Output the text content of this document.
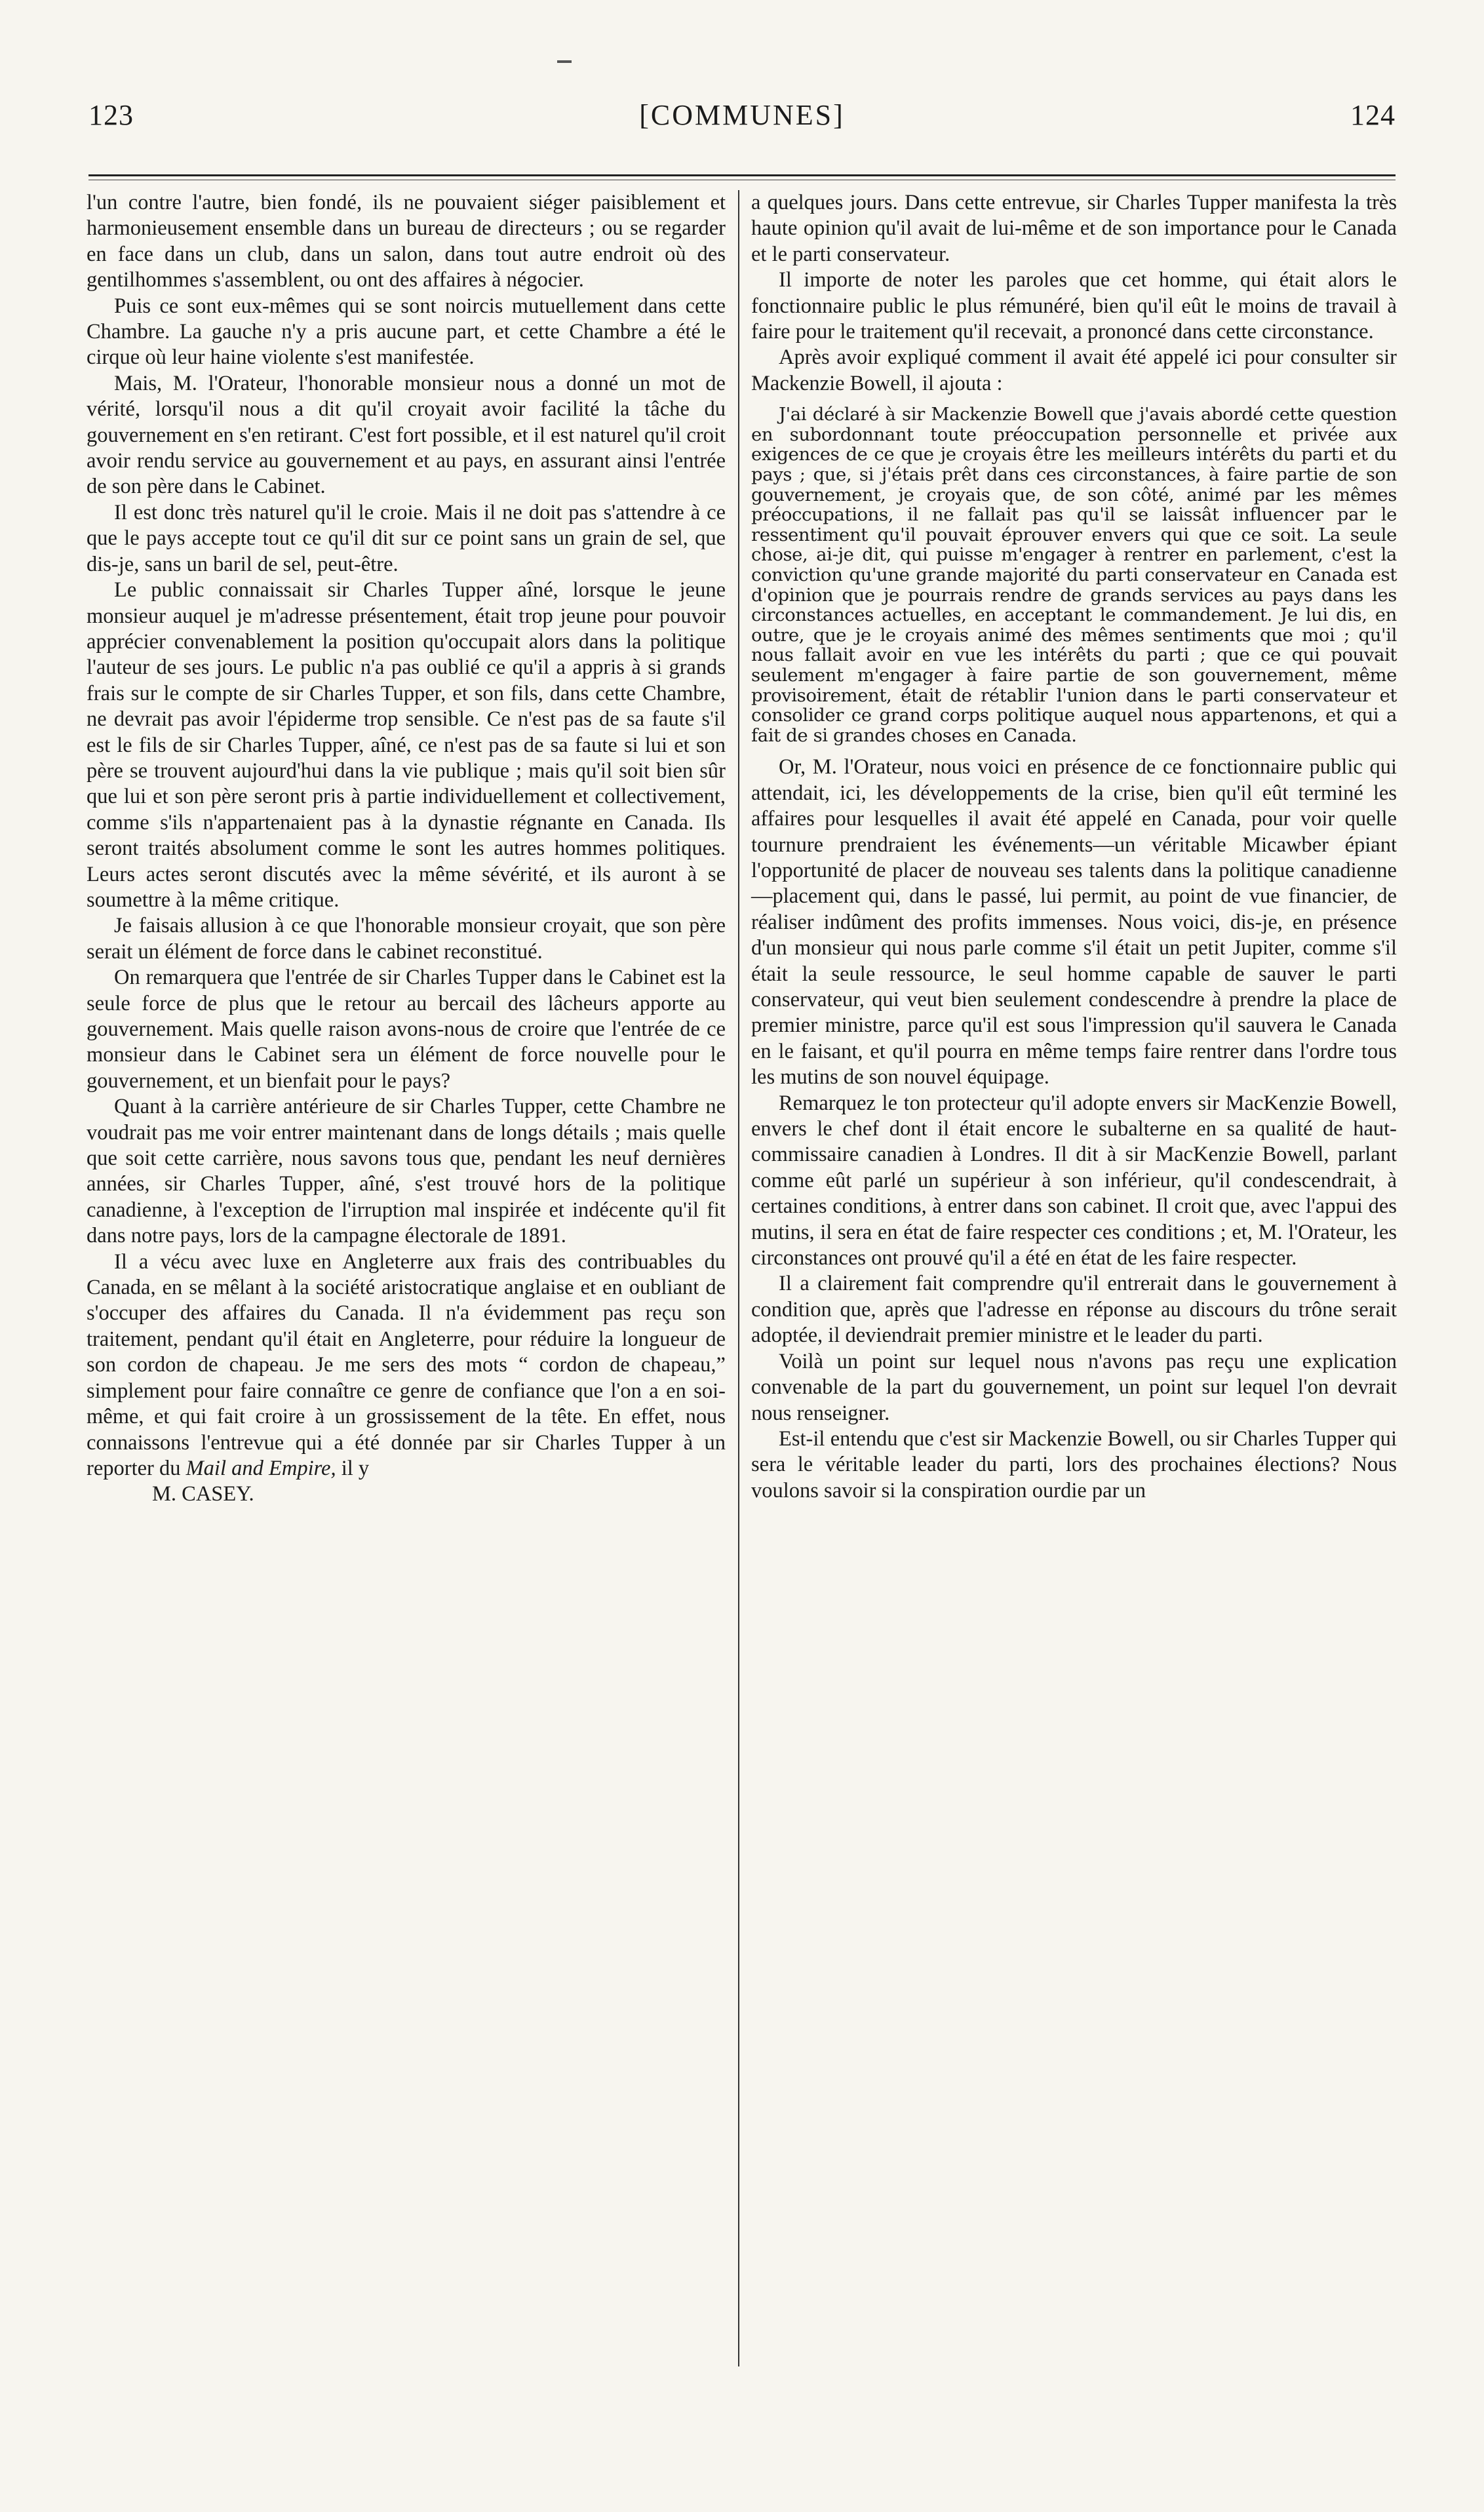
123	[COMMUNES]	124

l'un contre l'autre, bien fondé, ils ne pouvaient siéger paisiblement et harmonieusement ensemble dans un bureau de directeurs ; ou se regarder en face dans un club, dans un salon, dans tout autre endroit où des gentilhommes s'assemblent, ou ont des affaires à négocier.

Puis ce sont eux-mêmes qui se sont noircis mutuellement dans cette Chambre. La gauche n'y a pris aucune part, et cette Chambre a été le cirque où leur haine violente s'est manifestée.

Mais, M. l'Orateur, l'honorable monsieur nous a donné un mot de vérité, lorsqu'il nous a dit qu'il croyait avoir facilité la tâche du gouvernement en s'en retirant. C'est fort possible, et il est naturel qu'il croit avoir rendu service au gouvernement et au pays, en assurant ainsi l'entrée de son père dans le Cabinet.

Il est donc très naturel qu'il le croie. Mais il ne doit pas s'attendre à ce que le pays accepte tout ce qu'il dit sur ce point sans un grain de sel, que dis-je, sans un baril de sel, peut-être.

Le public connaissait sir Charles Tupper aîné, lorsque le jeune monsieur auquel je m'adresse présentement, était trop jeune pour pouvoir apprécier convenablement la position qu'occupait alors dans la politique l'auteur de ses jours. Le public n'a pas oublié ce qu'il a appris à si grands frais sur le compte de sir Charles Tupper, et son fils, dans cette Chambre, ne devrait pas avoir l'épiderme trop sensible. Ce n'est pas de sa faute s'il est le fils de sir Charles Tupper, aîné, ce n'est pas de sa faute si lui et son père se trouvent aujourd'hui dans la vie publique ; mais qu'il soit bien sûr que lui et son père seront pris à partie individuellement et collectivement, comme s'ils n'appartenaient pas à la dynastie régnante en Canada. Ils seront traités absolument comme le sont les autres hommes politiques. Leurs actes seront discutés avec la même sévérité, et ils auront à se soumettre à la même critique.

Je faisais allusion à ce que l'honorable monsieur croyait, que son père serait un élément de force dans le cabinet reconstitué.

On remarquera que l'entrée de sir Charles Tupper dans le Cabinet est la seule force de plus que le retour au bercail des lâcheurs apporte au gouvernement. Mais quelle raison avons-nous de croire que l'entrée de ce monsieur dans le Cabinet sera un élément de force nouvelle pour le gouvernement, et un bienfait pour le pays?

Quant à la carrière antérieure de sir Charles Tupper, cette Chambre ne voudrait pas me voir entrer maintenant dans de longs détails ; mais quelle que soit cette carrière, nous savons tous que, pendant les neuf dernières années, sir Charles Tupper, aîné, s'est trouvé hors de la politique canadienne, à l'exception de l'irruption mal inspirée et indécente qu'il fit dans notre pays, lors de la campagne électorale de 1891.

Il a vécu avec luxe en Angleterre aux frais des contribuables du Canada, en se mêlant à la société aristocratique anglaise et en oubliant de s'occuper des affaires du Canada. Il n'a évidemment pas reçu son traitement, pendant qu'il était en Angleterre, pour réduire la longueur de son cordon de chapeau. Je me sers des mots “ cordon de chapeau,” simplement pour faire connaître ce genre de confiance que l'on a en soi-même, et qui fait croire à un grossissement de la tête. En effet, nous connaissons l'entrevue qui a été donnée par sir Charles Tupper à un reporter du Mail and Empire, il y

M. CASEY.

a quelques jours. Dans cette entrevue, sir Charles Tupper manifesta la très haute opinion qu'il avait de lui-même et de son importance pour le Canada et le parti conservateur.

Il importe de noter les paroles que cet homme, qui était alors le fonctionnaire public le plus rémunéré, bien qu'il eût le moins de travail à faire pour le traitement qu'il recevait, a prononcé dans cette circonstance.

Après avoir expliqué comment il avait été appelé ici pour consulter sir Mackenzie Bowell, il ajouta :

J'ai déclaré à sir Mackenzie Bowell que j'avais abordé cette question en subordonnant toute préoccupation personnelle et privée aux exigences de ce que je croyais être les meilleurs intérêts du parti et du pays ; que, si j'étais prêt dans ces circonstances, à faire partie de son gouvernement, je croyais que, de son côté, animé par les mêmes préoccupations, il ne fallait pas qu'il se laissât influencer par le ressentiment qu'il pouvait éprouver envers qui que ce soit. La seule chose, ai-je dit, qui puisse m'engager à rentrer en parlement, c'est la conviction qu'une grande majorité du parti conservateur en Canada est d'opinion que je pourrais rendre de grands services au pays dans les circonstances actuelles, en acceptant le commandement. Je lui dis, en outre, que je le croyais animé des mêmes sentiments que moi ; qu'il nous fallait avoir en vue les intérêts du parti ; que ce qui pouvait seulement m'engager à faire partie de son gouvernement, même provisoirement, était de rétablir l'union dans le parti conservateur et consolider ce grand corps politique auquel nous appartenons, et qui a fait de si grandes choses en Canada.

Or, M. l'Orateur, nous voici en présence de ce fonctionnaire public qui attendait, ici, les développements de la crise, bien qu'il eût terminé les affaires pour lesquelles il avait été appelé en Canada, pour voir quelle tournure prendraient les événements—un véritable Micawber épiant l'opportunité de placer de nouveau ses talents dans la politique canadienne—placement qui, dans le passé, lui permit, au point de vue financier, de réaliser indûment des profits immenses. Nous voici, dis-je, en présence d'un monsieur qui nous parle comme s'il était un petit Jupiter, comme s'il était la seule ressource, le seul homme capable de sauver le parti conservateur, qui veut bien seulement condescendre à prendre la place de premier ministre, parce qu'il est sous l'impression qu'il sauvera le Canada en le faisant, et qu'il pourra en même temps faire rentrer dans l'ordre tous les mutins de son nouvel équipage.

Remarquez le ton protecteur qu'il adopte envers sir MacKenzie Bowell, envers le chef dont il était encore le subalterne en sa qualité de haut-commissaire canadien à Londres. Il dit à sir MacKenzie Bowell, parlant comme eût parlé un supérieur à son inférieur, qu'il condescendrait, à certaines conditions, à entrer dans son cabinet. Il croit que, avec l'appui des mutins, il sera en état de faire respecter ces conditions ; et, M. l'Orateur, les circonstances ont prouvé qu'il a été en état de les faire respecter.

Il a clairement fait comprendre qu'il entrerait dans le gouvernement à condition que, après que l'adresse en réponse au discours du trône serait adoptée, il deviendrait premier ministre et le leader du parti.

Voilà un point sur lequel nous n'avons pas reçu une explication convenable de la part du gouvernement, un point sur lequel l'on devrait nous renseigner.

Est-il entendu que c'est sir Mackenzie Bowell, ou sir Charles Tupper qui sera le véritable leader du parti, lors des prochaines élections? Nous voulons savoir si la conspiration ourdie par un
